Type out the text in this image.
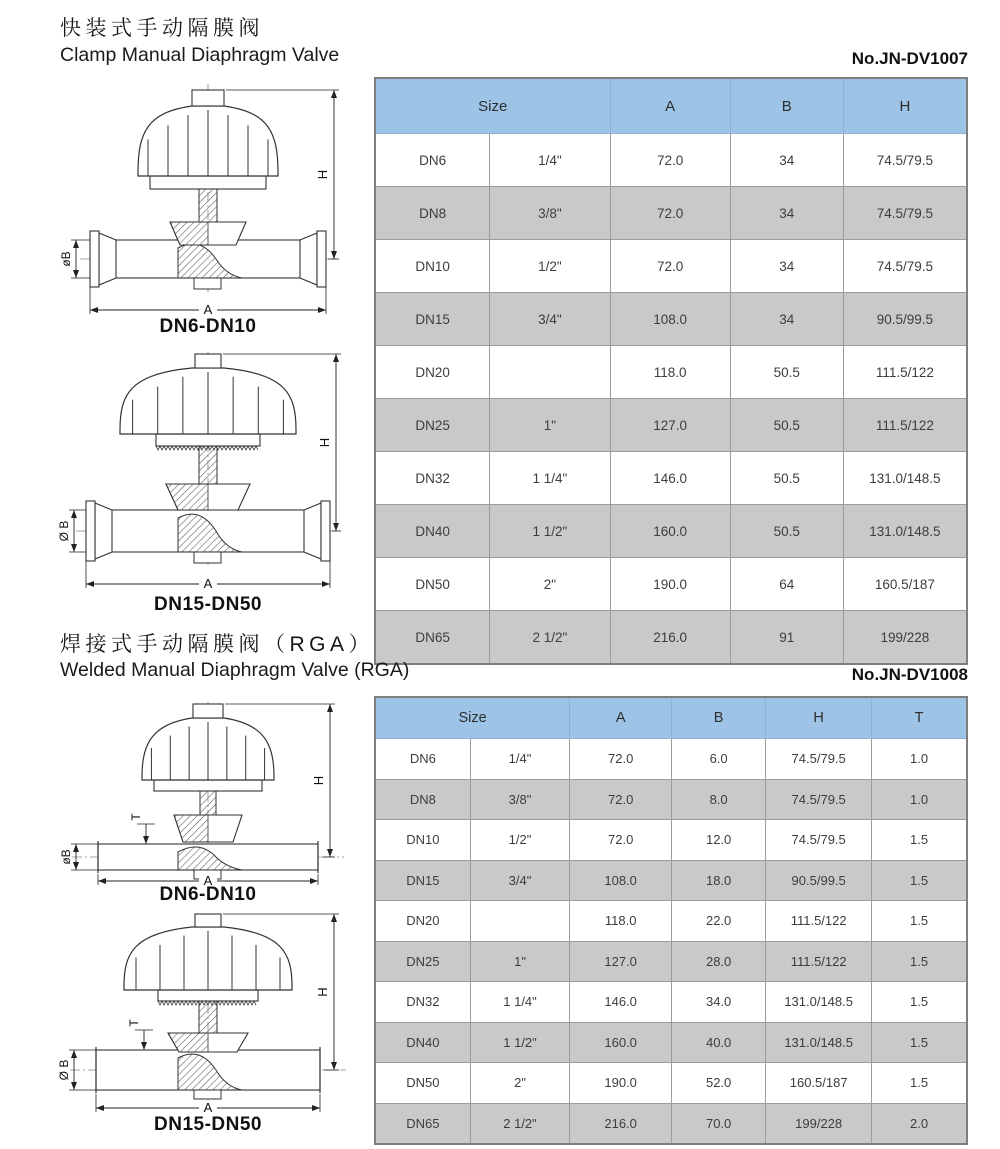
快装式手动隔膜阀
Clamp Manual Diaphragm Valve	No.JN-DV1007
H
A
øB
DN6-DN10
H
A
Ø B
DN15-DN50
Size		A	B	H
DN6	1/4"	72.0	34	74.5/79.5
DN8	3/8"	72.0	34	74.5/79.5
DN10	1/2"	72.0	34	74.5/79.5
DN15	3/4"	108.0	34	90.5/99.5
DN20		118.0	50.5	111.5/122
DN25	1"	127.0	50.5	111.5/122
DN32	1 1/4"	146.0	50.5	131.0/148.5
DN40	1 1/2"	160.0	50.5	131.0/148.5
DN50	2"	190.0	64	160.5/187
DN65	2 1/2"	216.0	91	199/228
焊接式手动隔膜阀（RGA）
Welded Manual Diaphragm Valve (RGA)	No.JN-DV1008
H
A
øB
T
DN6-DN10
H
A
Ø B
T
DN15-DN50
Size		A	B	H	T
DN6	1/4"	72.0	6.0	74.5/79.5	1.0
DN8	3/8"	72.0	8.0	74.5/79.5	1.0
DN10	1/2"	72.0	12.0	74.5/79.5	1.5
DN15	3/4"	108.0	18.0	90.5/99.5	1.5
DN20		118.0	22.0	111.5/122	1.5
DN25	1"	127.0	28.0	111.5/122	1.5
DN32	1 1/4"	146.0	34.0	131.0/148.5	1.5
DN40	1 1/2"	160.0	40.0	131.0/148.5	1.5
DN50	2"	190.0	52.0	160.5/187	1.5
DN65	2 1/2"	216.0	70.0	199/228	2.0
